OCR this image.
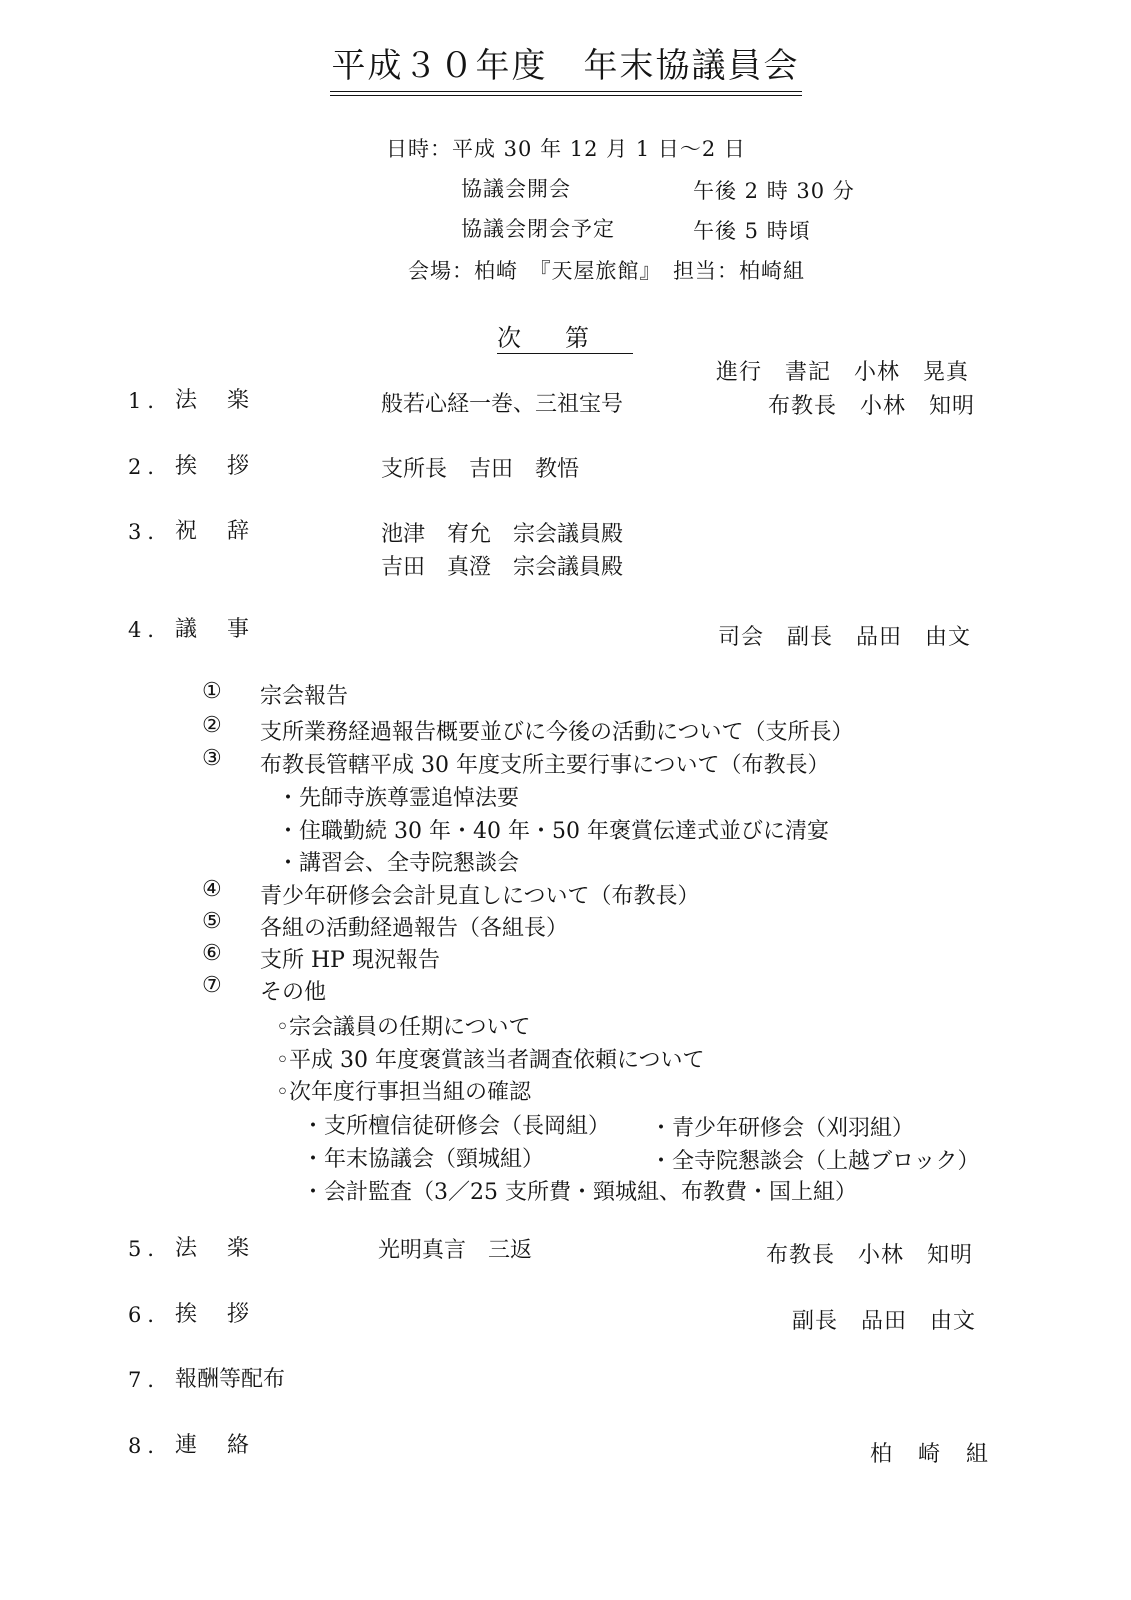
平成３０年度　年末協議員会
日時：平成 30 年 12 月 1 日～2 日
協議会開会	午後 2 時 30 分
協議会閉会予定	午後 5 時頃
会場：柏崎　『天屋旅館』　担当：柏崎組
次第
進行　書記　小林　晃真
1． 法　楽	般若心経一巻、三祖宝号	布教長　小林　知明
2． 挨　拶	支所長　吉田　教悟
3． 祝　辞	池津　宥允　宗会議員殿
吉田　真澄　宗会議員殿
4． 議　事	司会　副長　品田　由文
① 宗会報告
② 支所業務経過報告概要並びに今後の活動について（支所長）
③ 布教長管轄平成 30 年度支所主要行事について（布教長）
・先師寺族尊霊追悼法要
・住職勤続 30 年・40 年・50 年褒賞伝達式並びに清宴
・講習会、全寺院懇談会
④ 青少年研修会会計見直しについて（布教長）
⑤ 各組の活動経過報告（各組長）
⑥ 支所 HP 現況報告
⑦ その他
◦宗会議員の任期について
◦平成 30 年度褒賞該当者調査依頼について
◦次年度行事担当組の確認
・支所檀信徒研修会（長岡組） ・青少年研修会（刈羽組）
・年末協議会（頸城組）	・全寺院懇談会（上越ブロック）
・会計監査（3／25 支所費・頸城組、布教費・国上組）
5． 法　楽	光明真言　三返	布教長　小林　知明
6． 挨　拶	副長　品田　由文
7． 報酬等配布
8． 連　絡	柏　崎　組
